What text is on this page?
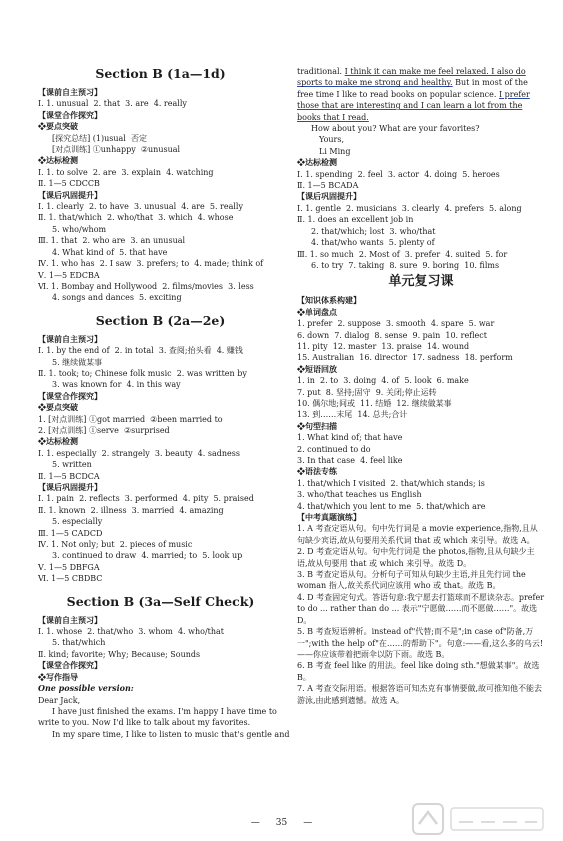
Section B (1a—1d)
【课前自主预习】
Ⅰ. 1. unusual  2. that  3. are  4. really
【课堂合作探究】
❖要点突破
[探究总结] (1)usual  否定
[对点训练] ①unhappy  ②unusual
❖达标检测
Ⅰ. 1. to solve  2. are  3. explain  4. watching
Ⅱ. 1—5 CDCCB
【课后巩固提升】
Ⅰ. 1. clearly  2. to have  3. unusual  4. are  5. really
Ⅱ. 1. that/which  2. who/that  3. which  4. whose
5. who/whom
Ⅲ. 1. that  2. who are  3. an unusual
4. What kind of  5. that have
Ⅳ. 1. who has  2. I saw  3. prefers; to  4. made; think of
Ⅴ. 1—5 EDCBA
Ⅵ. 1. Bombay and Hollywood  2. films/movies  3. less
4. songs and dances  5. exciting
Section B (2a—2e)
【课前自主预习】
Ⅰ. 1. by the end of  2. in total  3. 查阅;抬头看  4. 赚钱
5. 继续做某事
Ⅱ. 1. took; to; Chinese folk music  2. was written by
3. was known for  4. in this way
【课堂合作探究】
❖要点突破
1. [对点训练] ①got married  ②been married to
2. [对点训练] ①serve  ②surprised
❖达标检测
Ⅰ. 1. especially  2. strangely  3. beauty  4. sadness
5. written
Ⅱ. 1—5 BCDCA
【课后巩固提升】
Ⅰ. 1. pain  2. reflects  3. performed  4. pity  5. praised
Ⅱ. 1. known  2. illness  3. married  4. amazing
5. especially
Ⅲ. 1—5 CADCD
Ⅳ. 1. Not only; but  2. pieces of music
3. continued to draw  4. married; to  5. look up
Ⅴ. 1—5 DBFGA
Ⅵ. 1—5 CBDBC
Section B (3a—Self Check)
【课前自主预习】
Ⅰ. 1. whose  2. that/who  3. whom  4. who/that
5. that/which
Ⅱ. kind; favorite; Why; Because; Sounds
【课堂合作探究】
❖写作指导
One possible version:
Dear Jack,
I have just finished the exams. I'm happy I have time to
write to you. Now I'd like to talk about my favorites.
In my spare time, I like to listen to music that's gentle and
traditional. I think it can make me feel relaxed. I also do
sports to make me strong and healthy. But in most of the
free time I like to read books on popular science. I prefer
those that are interesting and I can learn a lot from the
books that I read.
How about you? What are your favorites?
Yours,
Li Ming
❖达标检测
Ⅰ. 1. spending  2. feel  3. actor  4. doing  5. heroes
Ⅱ. 1—5 BCADA
【课后巩固提升】
Ⅰ. 1. gentle  2. musicians  3. clearly  4. prefers  5. along
Ⅱ. 1. does an excellent job in
2. that/which; lost  3. who/that
4. that/who wants  5. plenty of
Ⅲ. 1. so much  2. Most of  3. prefer  4. suited  5. for
6. to try  7. taking  8. sure  9. boring  10. films
单元复习课
【知识体系构建】
❖单词盘点
1. prefer  2. suppose  3. smooth  4. spare  5. war
6. down  7. dialog  8. sense  9. pain  10. reflect
11. pity  12. master  13. praise  14. wound
15. Australian  16. director  17. sadness  18. perform
❖短语回放
1. in  2. to  3. doing  4. of  5. look  6. make
7. put  8. 坚持;固守  9. 关闭;停止运转
10. 偶尔地;间或  11. 结婚  12. 继续做某事
13. 到……末尾  14. 总共;合计
❖句型扫描
1. What kind of; that have
2. continued to do
3. In that case  4. feel like
❖语法专练
1. that/which I visited  2. that/which stands; is
3. who/that teaches us English
4. that/which you lent to me  5. that/which are
【中考真题演练】
1. A 考查定语从句。句中先行词是 a movie experience,指物,且从句缺少宾语,故从句要用关系代词 that 或 which 来引导。故选 A。
2. D 考查定语从句。句中先行词是 the photos,指物,且从句缺少主语,故从句要用 that 或 which 来引导。故选 D。
3. B 考查定语从句。分析句子可知从句缺少主语,并且先行词 the woman 指人,故关系代词应该用 who 或 that。故选 B。
4. D 考查固定句式。答语句意:我宁愿去打篮球而不愿读杂志。prefer to do ... rather than do ... 表示"宁愿做……而不愿做……"。故选 D。
5. B 考查短语辨析。instead of"代替;而不是";in case of"防备,万一";with the help of"在……的帮助下"。句意:——看,这么多的乌云!——你应该带着把雨伞以防下雨。故选 B。
6. B 考查 feel like 的用法。feel like doing sth."想做某事"。故选 B。
7. A 考查交际用语。根据答语可知杰克有事情要做,故可推知他不能去游泳,由此感到遗憾。故选 A。
— 35 —
